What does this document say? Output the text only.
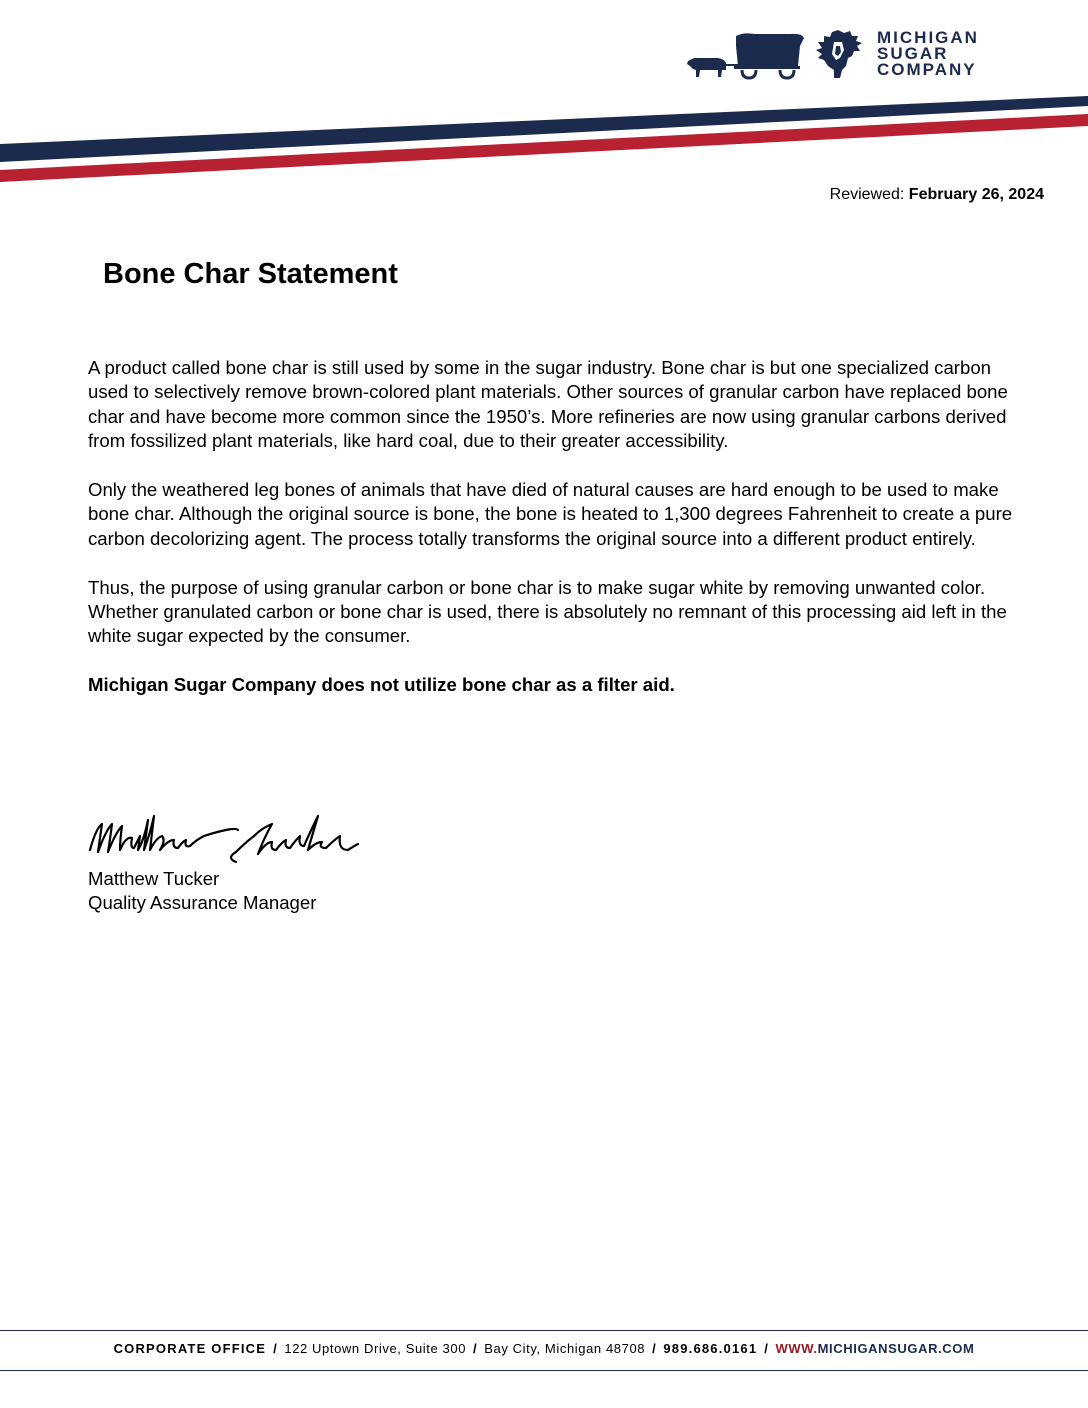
MICHIGAN
SUGAR
COMPANY
Reviewed: February 26, 2024
Bone Char Statement

A product called bone char is still used by some in the sugar industry. Bone char is but one specialized carbon used to selectively remove brown-colored plant materials. Other sources of granular carbon have replaced bone char and have become more common since the 1950’s. More refineries are now using granular carbons derived from fossilized plant materials, like hard coal, due to their greater accessibility.

Only the weathered leg bones of animals that have died of natural causes are hard enough to be used to make bone char. Although the original source is bone, the bone is heated to 1,300 degrees Fahrenheit to create a pure carbon decolorizing agent. The process totally transforms the original source into a different product entirely.

Thus, the purpose of using granular carbon or bone char is to make sugar white by removing unwanted color. Whether granulated carbon or bone char is used, there is absolutely no remnant of this processing aid left in the white sugar expected by the consumer.

Michigan Sugar Company does not utilize bone char as a filter aid.

Matthew Tucker
Quality Assurance Manager
CORPORATE OFFICE / 122 Uptown Drive, Suite 300 / Bay City, Michigan 48708 / 989.686.0161 / WWW.MICHIGANSUGAR.COM
